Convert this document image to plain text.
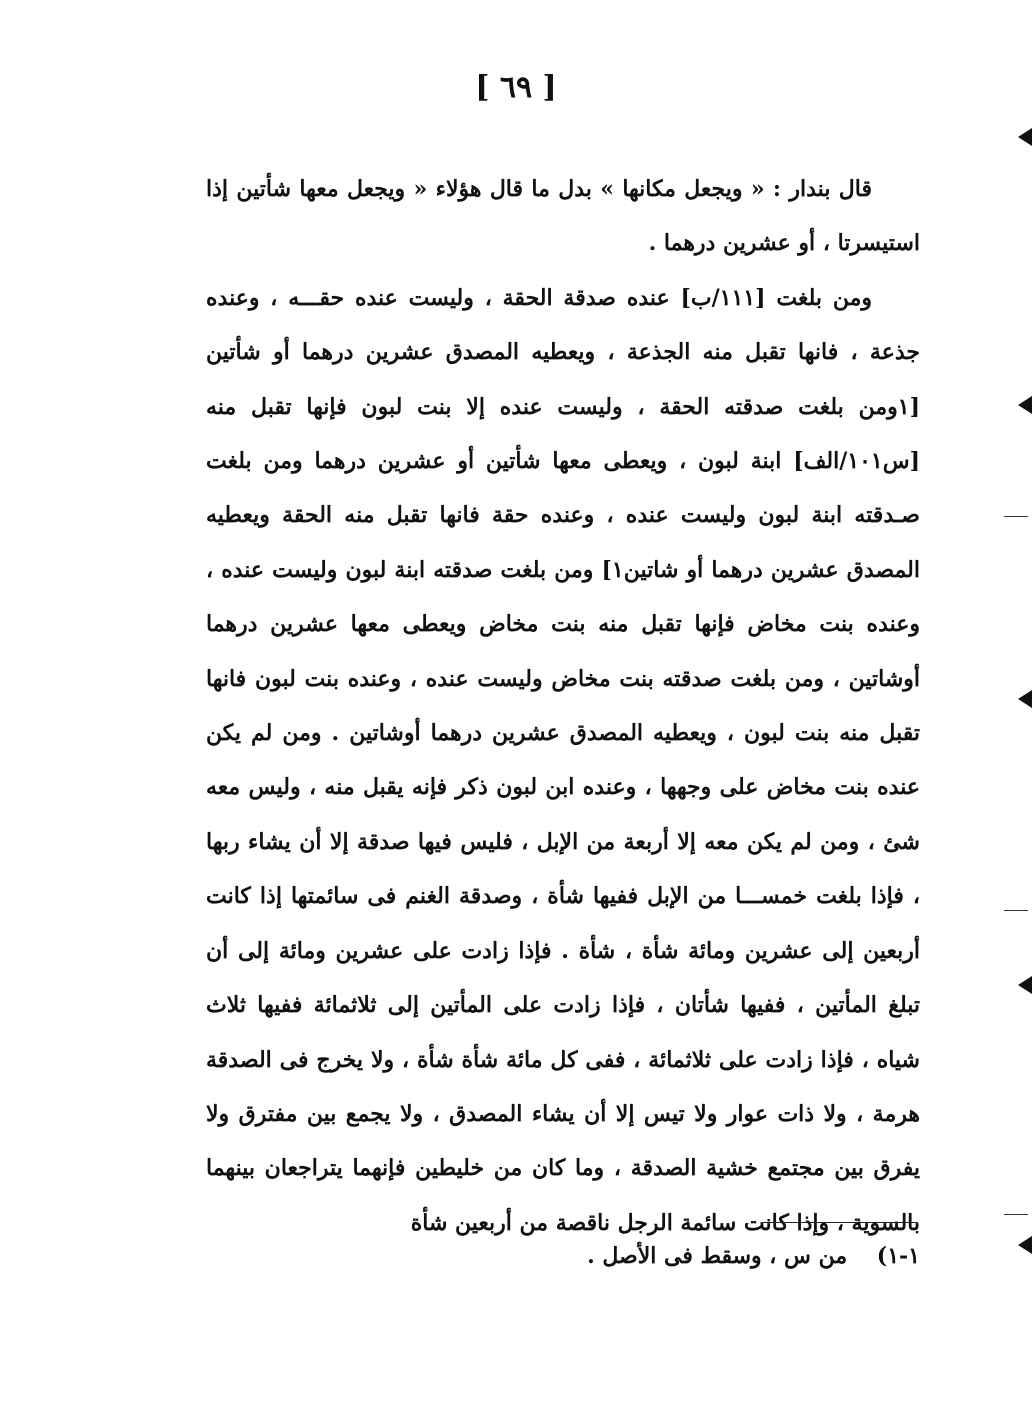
[ ٦٩ ]

قال بندار : « ويجعل مكانها » بدل ما قال هؤلاء « ويجعل معها شأتين إذا استيسرتا ، أو عشرين درهما .

ومن بلغت [١١١/ب] عنده صدقة الحقة ، وليست عنده حقـــه ، وعنده جذعة ، فانها تقبل منه الجذعة ، ويعطيه المصدق عشرين درهما أو شأتين [١ومن بلغت صدقته الحقة ، وليست عنده إلا بنت لبون فإنها تقبل منه [س١٠١/الف] ابنة لبون ، ويعطى معها شأتين أو عشرين درهما ومن بلغت صـدقته ابنة لبون وليست عنده ، وعنده حقة فانها تقبل منه الحقة ويعطيه المصدق عشرين درهما أو شاتين١] ومن بلغت صدقته ابنة لبون وليست عنده ، وعنده بنت مخاض فإنها تقبل منه بنت مخاض ويعطى معها عشرين درهما أوشاتين ، ومن بلغت صدقته بنت مخاض وليست عنده ، وعنده بنت لبون فانها تقبل منه بنت لبون ، ويعطيه المصدق عشرين درهما أوشاتين . ومن لم يكن عنده بنت مخاض على وجهها ، وعنده ابن لبون ذكر فإنه يقبل منه ، وليس معه شئ ، ومن لم يكن معه إلا أربعة من الإبل ، فليس فيها صدقة إلا أن يشاء ربها ، فإذا بلغت خمســـا من الإبل ففيها شأة ، وصدقة الغنم فى سائمتها إذا كانت أربعين إلى عشرين ومائة شأة ، شأة . فإذا زادت على عشرين ومائة إلى أن تبلغ المأتين ، ففيها شأتان ، فإذا زادت على المأتين إلى ثلاثمائة ففيها ثلاث شياه ، فإذا زادت على ثلاثمائة ، ففى كل مائة شأة شأة ، ولا يخرج فى الصدقة هرمة ، ولا ذات عوار ولا تيس إلا أن يشاء المصدق ، ولا يجمع بين مفترق ولا يفرق بين مجتمع خشية الصدقة ، وما كان من خليطين فإنهما يتراجعان بينهما بالسوية ، وإذا كانت سائمة الرجل ناقصة من أربعين شأة

١-١) من س ، وسقط فى الأصل .
